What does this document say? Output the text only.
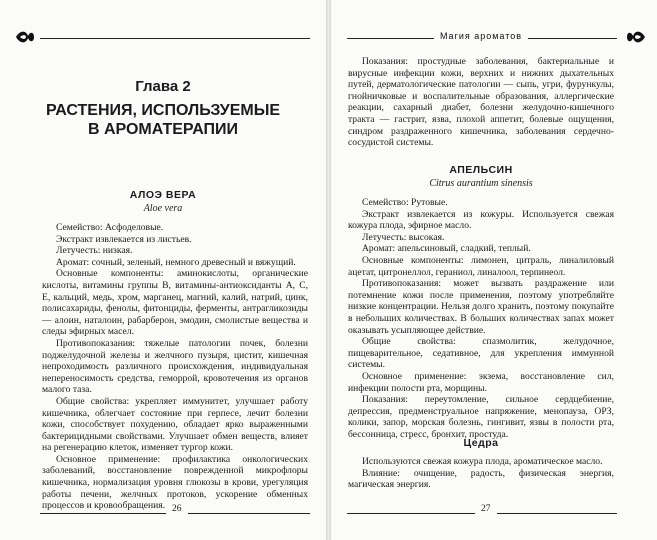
Глава 2
РАСТЕНИЯ, ИСПОЛЬЗУЕМЫЕ
В АРОМАТЕРАПИИ
АЛОЭ ВЕРА
Aloe vera

Семейство: Асфоделовые.

Экстракт извлекается из листьев.

Летучесть: низкая.

Аромат: сочный, зеленый, немного древесный и вяжущий.

Основные компоненты: аминокислоты, органические кислоты, витамины группы В, витамины-антиоксиданты А, С, Е, кальций, медь, хром, марганец, магний, калий, натрий, цинк, полисахариды, фенолы, фитонциды, ферменты, антрагликозиды — алоин, наталоин, рабарберон, эмодин, смолистые вещества и следы эфирных масел.

Противопоказания: тяжелые патологии почек, болезни поджелудочной железы и желчного пузыря, цистит, кишечная непроходимость различного происхождения, индивидуальная непереносимость средства, геморрой, кровотечения из органов малого таза.

Общие свойства: укрепляет иммунитет, улучшает работу кишечника, облегчает состояние при герпесе, лечит болезни кожи, способствует похудению, обладает ярко выраженными бактерицидными свойствами. Улучшает обмен веществ, влияет на регенерацию клеток, изменяет тургор кожи.

Основное применение: профилактика онкологических заболеваний, восстановление поврежденной микрофлоры кишечника, нормализация уровня глюкозы в крови, урегуляция работы печени, желчных протоков, ускорение обменных процессов и кровообращения. 26
Магия ароматов

Показания: простудные заболевания, бактериальные и вирусные инфекции кожи, верхних и нижних дыхательных путей, дерматологические патологии — сыпь, угри, фурункулы, гнойничковые и воспалительные образования, аллергические реакции, сахарный диабет, болезни желудочно-кишечного тракта — гастрит, язва, плохой аппетит, болевые ощущения, синдром раздраженного кишечника, заболевания сердечно-сосудистой системы.

АПЕЛЬСИН
Citrus aurantium sinensis

Семейство: Рутовые.

Экстракт извлекается из кожуры. Используется свежая кожура плода, эфирное масло.

Летучесть: высокая.

Аромат: апельсиновый, сладкий, теплый.

Основные компоненты: лимонен, цитраль, линалиловый ацетат, цитронеллол, гераниол, линалоол, терпинеол.

Противопоказания: может вызвать раздражение или потемнение кожи после применения, поэтому употребляйте низкие концентрации. Нельзя долго хранить, поэтому покупайте в небольших количествах. В больших количествах запах может оказывать усыпляющее действие.

Общие свойства: спазмолитик, желудочное, пищеварительное, седативное, для укрепления иммунной системы.

Основное применение: экзема, восстановление сил, инфекции полости рта, морщины.

Показания: переутомление, сильное сердцебиение, депрессия, предменструальное напряжение, менопауза, ОРЗ, колики, запор, морская болезнь, гингивит, язвы в полости рта, бессонница, стресс, бронхит, простуда.

Цедра

Используются свежая кожура плода, ароматическое масло.

Влияние: очищение, радость, физическая энергия, магическая энергия.

27
